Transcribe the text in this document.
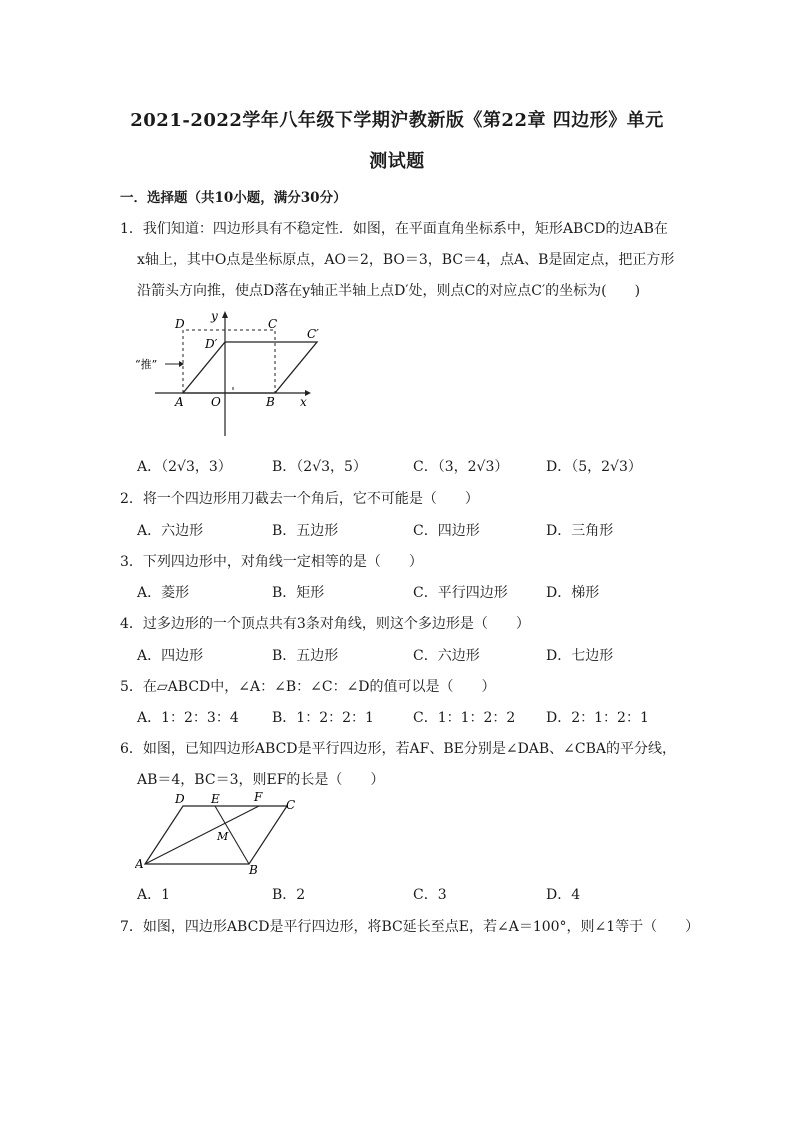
2021-2022学年八年级下学期沪教新版《第22章 四边形》单元
测试题
一．选择题（共10小题，满分30分）
1．我们知道：四边形具有不稳定性．如图，在平面直角坐标系中，矩形ABCD的边AB在
x轴上，其中O点是坐标原点，AO＝2，BO＝3，BC＝4，点A、B是固定点，把正方形
沿箭头方向推，使点D落在y轴正半轴上点D′处，则点C的对应点C′的坐标为(　　)
D
y
C
C′
D′
“推”
A O	B x
A．（2√3，3）	B．（2√3，5）	C．（3，2√3）	D．（5，2√3）
2．将一个四边形用刀截去一个角后，它不可能是（　　）
A．六边形	B．五边形	C．四边形	D．三角形
3．下列四边形中，对角线一定相等的是（　　）
A．菱形	B．矩形	C．平行四边形	D．梯形
4．过多边形的一个顶点共有3条对角线，则这个多边形是（　　）
A．四边形	B．五边形	C．六边形	D．七边形
5．在▱ABCD中，∠A：∠B：∠C：∠D的值可以是（　　）
A．1：2：3：4 B．1：2：2：1	C．1：1：2：2 D．2：1：2：1
6．如图，已知四边形ABCD是平行四边形，若AF、BE分别是∠DAB、∠CBA的平分线，
AB＝4，BC＝3，则EF的长是（　　）
D E	F
C
M
A	B
A．1	B．2	C．3	D．4
7．如图，四边形ABCD是平行四边形，将BC延长至点E，若∠A＝100°，则∠1等于（　　）
